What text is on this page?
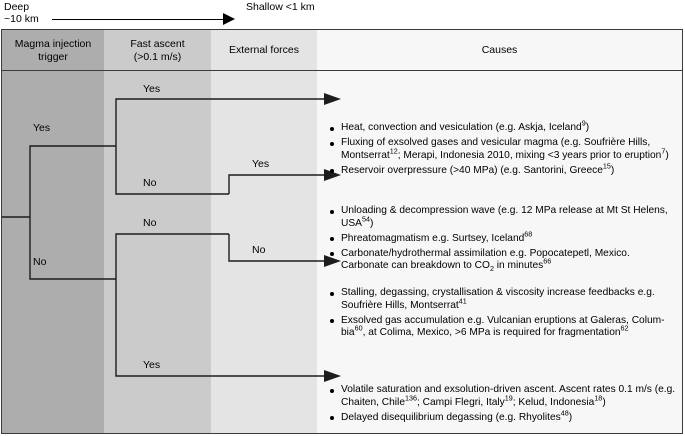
Deep
~10 km
Shallow <1 km
Magma injection
trigger
Fast ascent
(>0.1 m/s)
External forces	Causes
Yes
No
Yes
No
No
Yes
Yes
No
Heat, convection and vesiculation (e.g. Askja, Iceland$^9$)
Fluxing of exsolved gases and vesicular magma (e.g. Soufrière Hills, Montserrat$^{12}$; Merapi, Indonesia 2010, mixing <3 years prior to eruption$^7$)
Reservoir overpressure (>40 MPa) (e.g. Santorini, Greece$^{15}$)
Unloading & decompression wave (e.g. 12 MPa release at Mt St Helens, USA$^{54}$)
Phreatomagmatism e.g. Surtsey, Iceland$^{68}$
Carbonate/hydrothermal assimilation e.g. Popocatepetl, Mexico. Carbonate can breakdown to $CO_2$ in minutes$^{66}$
Stalling, degassing, crystallisation & viscosity increase feedbacks e.g. Soufrière Hills, Montserrat$^{41}$
Exsolved gas accumulation e.g. Vulcanian eruptions at Galeras, Colum-bia$^{60}$, at Colima, Mexico, >6 MPa is required for fragmentation$^{62}$
Volatile saturation and exsolution-driven ascent. Ascent rates 0.1 m/s (e.g. Chaiten, Chile$^{136}$; Campi Flegri, Italy$^{19}$; Kelud, Indonesia$^{18}$)
Delayed disequilibrium degassing (e.g. Rhyolites$^{48}$)
